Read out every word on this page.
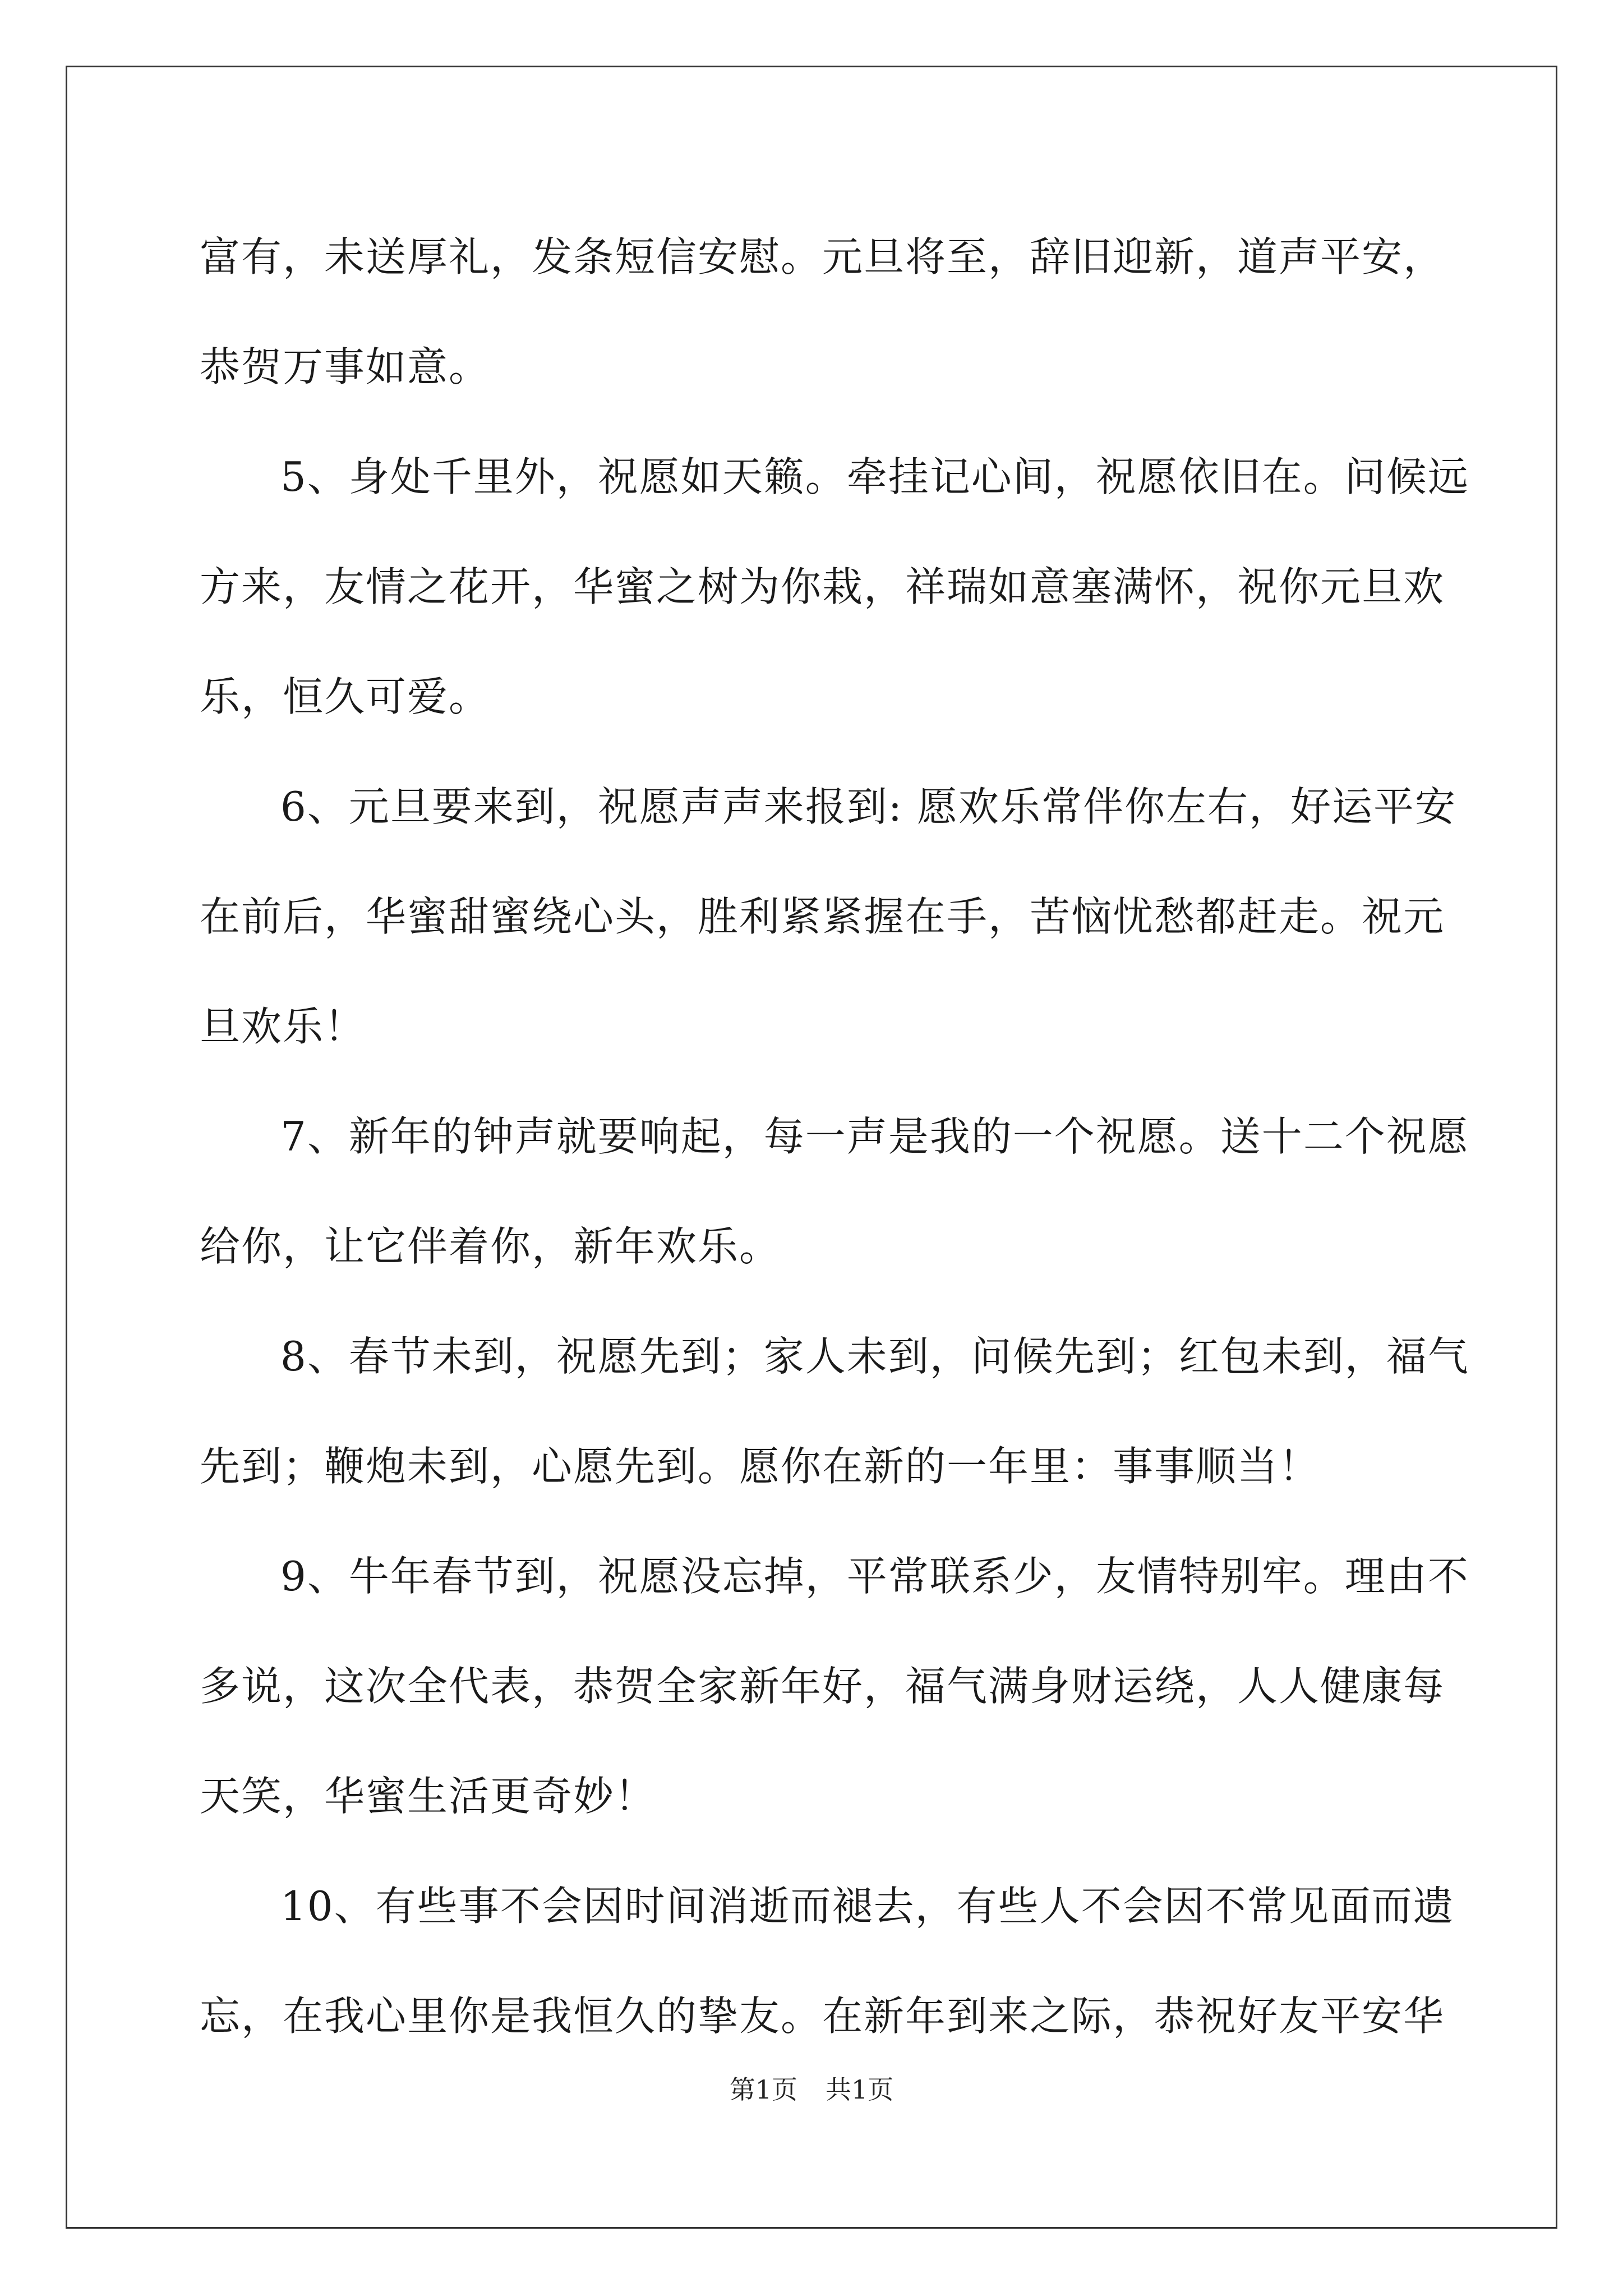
富有，未送厚礼，发条短信安慰。元旦将至，辞旧迎新，道声平安，
恭贺万事如意。
5、身处千里外，祝愿如天籁。牵挂记心间，祝愿依旧在。问候远
方来，友情之花开，华蜜之树为你栽，祥瑞如意塞满怀，祝你元旦欢
乐，恒久可爱。
6、元旦要来到，祝愿声声来报到: 愿欢乐常伴你左右，好运平安
在前后，华蜜甜蜜绕心头，胜利紧紧握在手，苦恼忧愁都赶走。祝元
旦欢乐！
7、新年的钟声就要响起，每一声是我的一个祝愿。送十二个祝愿
给你，让它伴着你，新年欢乐。
8、春节未到，祝愿先到；家人未到，问候先到；红包未到，福气
先到；鞭炮未到，心愿先到。愿你在新的一年里：事事顺当！
9、牛年春节到，祝愿没忘掉，平常联系少，友情特别牢。理由不
多说，这次全代表，恭贺全家新年好，福气满身财运绕，人人健康每
天笑，华蜜生活更奇妙！
10、有些事不会因时间消逝而褪去，有些人不会因不常见面而遗
忘，在我心里你是我恒久的挚友。在新年到来之际，恭祝好友平安华
第1页 共1页
